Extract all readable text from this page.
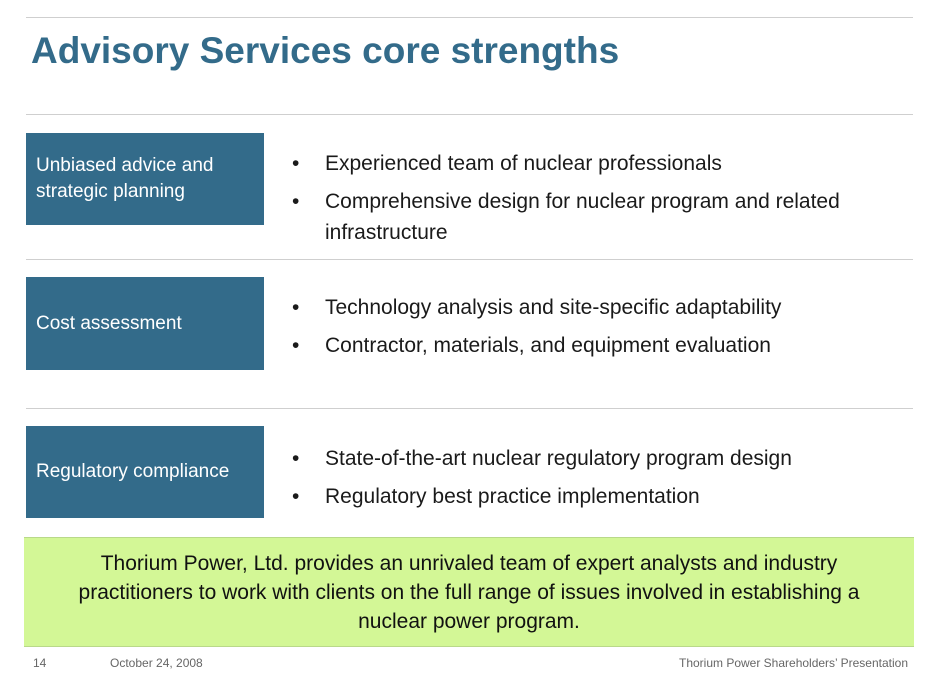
Advisory Services core strengths
Unbiased advice and strategic planning
• Experienced team of nuclear professionals
• Comprehensive design for nuclear program and related infrastructure
Cost assessment
• Technology analysis and site-specific adaptability
• Contractor, materials, and equipment evaluation
Regulatory compliance
• State-of-the-art nuclear regulatory program design
• Regulatory best practice implementation
Thorium Power, Ltd. provides an unrivaled team of expert analysts and industry practitioners to work with clients on the full range of issues involved in establishing a nuclear power program.
14	October 24, 2008	Thorium Power Shareholders’ Presentation
